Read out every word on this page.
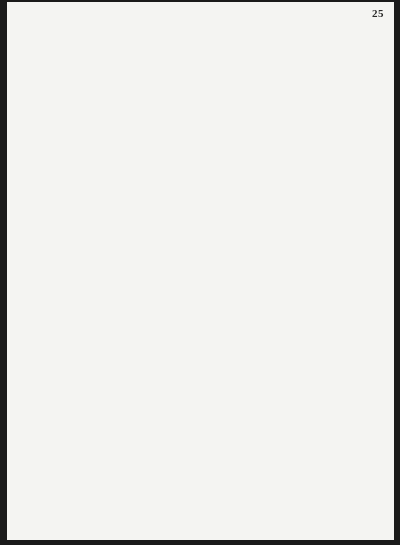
25
